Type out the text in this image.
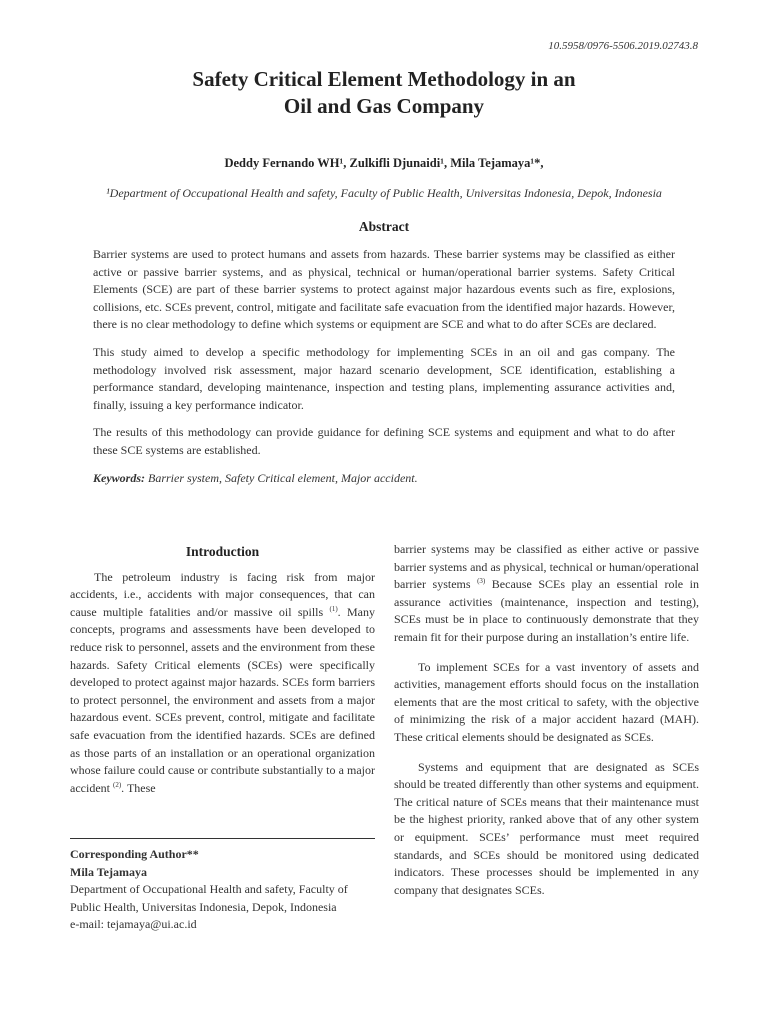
10.5958/0976-5506.2019.02743.8
Safety Critical Element Methodology in an
Oil and Gas Company
Deddy Fernando WH¹, Zulkifli Djunaidi¹, Mila Tejamaya¹*,
¹Department of Occupational Health and safety, Faculty of Public Health, Universitas Indonesia, Depok, Indonesia
Abstract

Barrier systems are used to protect humans and assets from hazards. These barrier systems may be classified as either active or passive barrier systems, and as physical, technical or human/operational barrier systems. Safety Critical Elements (SCE) are part of these barrier systems to protect against major hazardous events such as fire, explosions, collisions, etc. SCEs prevent, control, mitigate and facilitate safe evacuation from the identified major hazards. However, there is no clear methodology to define which systems or equipment are SCE and what to do after SCEs are declared.

This study aimed to develop a specific methodology for implementing SCEs in an oil and gas company. The methodology involved risk assessment, major hazard scenario development, SCE identification, establishing a performance standard, developing maintenance, inspection and testing plans, implementing assurance activities and, finally, issuing a key performance indicator.

The results of this methodology can provide guidance for defining SCE systems and equipment and what to do after these SCE systems are established.

Keywords: Barrier system, Safety Critical element, Major accident.

Introduction

The petroleum industry is facing risk from major accidents, i.e., accidents with major consequences, that can cause multiple fatalities and/or massive oil spills $^{(1)}$. Many concepts, programs and assessments have been developed to reduce risk to personnel, assets and the environment from these hazards. Safety Critical elements (SCEs) were specifically developed to protect against major hazards. SCEs form barriers to protect personnel, the environment and assets from a major hazardous event. SCEs prevent, control, mitigate and facilitate safe evacuation from the identified hazards. SCEs are defined as those parts of an installation or an operational organization whose failure could cause or contribute substantially to a major accident $^{(2)}$. These

Corresponding Author**
Mila Tejamaya
Department of Occupational Health and safety, Faculty of Public Health, Universitas Indonesia, Depok, Indonesia
e-mail: tejamaya@ui.ac.id

barrier systems may be classified as either active or passive barrier systems and as physical, technical or human/operational barrier systems $^{(3)}$ Because SCEs play an essential role in assurance activities (maintenance, inspection and testing), SCEs must be in place to continuously demonstrate that they remain fit for their purpose during an installation’s entire life.

To implement SCEs for a vast inventory of assets and activities, management efforts should focus on the installation elements that are the most critical to safety, with the objective of minimizing the risk of a major accident hazard (MAH). These critical elements should be designated as SCEs.

Systems and equipment that are designated as SCEs should be treated differently than other systems and equipment. The critical nature of SCEs means that their maintenance must be the highest priority, ranked above that of any other system or equipment. SCEs’ performance must meet required standards, and SCEs should be monitored using dedicated indicators. These processes should be implemented in any company that designates SCEs.
